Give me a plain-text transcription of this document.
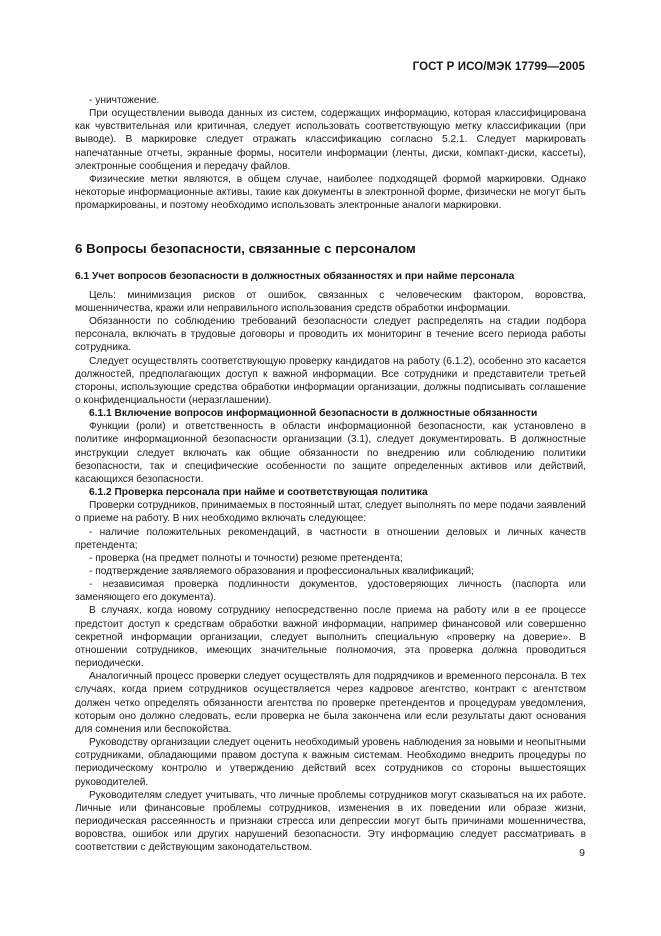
ГОСТ Р ИСО/МЭК 17799—2005

- уничтожение.

При осуществлении вывода данных из систем, содержащих информацию, которая классифицирована как чувствительная или критичная, следует использовать соответствующую метку классификации (при выводе). В маркировке следует отражать классификацию согласно 5.2.1. Следует маркировать напечатанные отчеты, экранные формы, носители информации (ленты, диски, компакт-диски, кассеты), электронные сообщения и передачу файлов.

Физические метки являются, в общем случае, наиболее подходящей формой маркировки. Однако некоторые информационные активы, такие как документы в электронной форме, физически не могут быть промаркированы, и поэтому необходимо использовать электронные аналоги маркировки.

6 Вопросы безопасности, связанные с персоналом
6.1 Учет вопросов безопасности в должностных обязанностях и при найме персонала

Цель: минимизация рисков от ошибок, связанных с человеческим фактором, воровства, мошенничества, кражи или неправильного использования средств обработки информации.

Обязанности по соблюдению требований безопасности следует распределять на стадии подбора персонала, включать в трудовые договоры и проводить их мониторинг в течение всего периода работы сотрудника.

Следует осуществлять соответствующую проверку кандидатов на работу (6.1.2), особенно это касается должностей, предполагающих доступ к важной информации. Все сотрудники и представители третьей стороны, использующие средства обработки информации организации, должны подписывать соглашение о конфиденциальности (неразглашении).

6.1.1 Включение вопросов информационной безопасности в должностные обязанности

Функции (роли) и ответственность в области информационной безопасности, как установлено в политике информационной безопасности организации (3.1), следует документировать. В должностные инструкции следует включать как общие обязанности по внедрению или соблюдению политики безопасности, так и специфические особенности по защите определенных активов или действий, касающихся безопасности.

6.1.2 Проверка персонала при найме и соответствующая политика

Проверки сотрудников, принимаемых в постоянный штат, следует выполнять по мере подачи заявлений о приеме на работу. В них необходимо включать следующее:

- наличие положительных рекомендаций, в частности в отношении деловых и личных качеств претендента;

- проверка (на предмет полноты и точности) резюме претендента;

- подтверждение заявляемого образования и профессиональных квалификаций;

- независимая проверка подлинности документов, удостоверяющих личность (паспорта или заменяющего его документа).

В случаях, когда новому сотруднику непосредственно после приема на работу или в ее процессе предстоит доступ к средствам обработки важной информации, например финансовой или совершенно секретной информации организации, следует выполнить специальную «проверку на доверие». В отношении сотрудников, имеющих значительные полномочия, эта проверка должна проводиться периодически.

Аналогичный процесс проверки следует осуществлять для подрядчиков и временного персонала. В тех случаях, когда прием сотрудников осуществляется через кадровое агентство, контракт с агентством должен четко определять обязанности агентства по проверке претендентов и процедурам уведомления, которым оно должно следовать, если проверка не была закончена или если результаты дают основания для сомнения или беспокойства.

Руководству организации следует оценить необходимый уровень наблюдения за новыми и неопытными сотрудниками, обладающими правом доступа к важным системам. Необходимо внедрить процедуры по периодическому контролю и утверждению действий всех сотрудников со стороны вышестоящих руководителей.

Руководителям следует учитывать, что личные проблемы сотрудников могут сказываться на их работе. Личные или финансовые проблемы сотрудников, изменения в их поведении или образе жизни, периодическая рассеянность и признаки стресса или депрессии могут быть причинами мошенничества, воровства, ошибок или других нарушений безопасности. Эту информацию следует рассматривать в соответствии с действующим законодательством.	9
